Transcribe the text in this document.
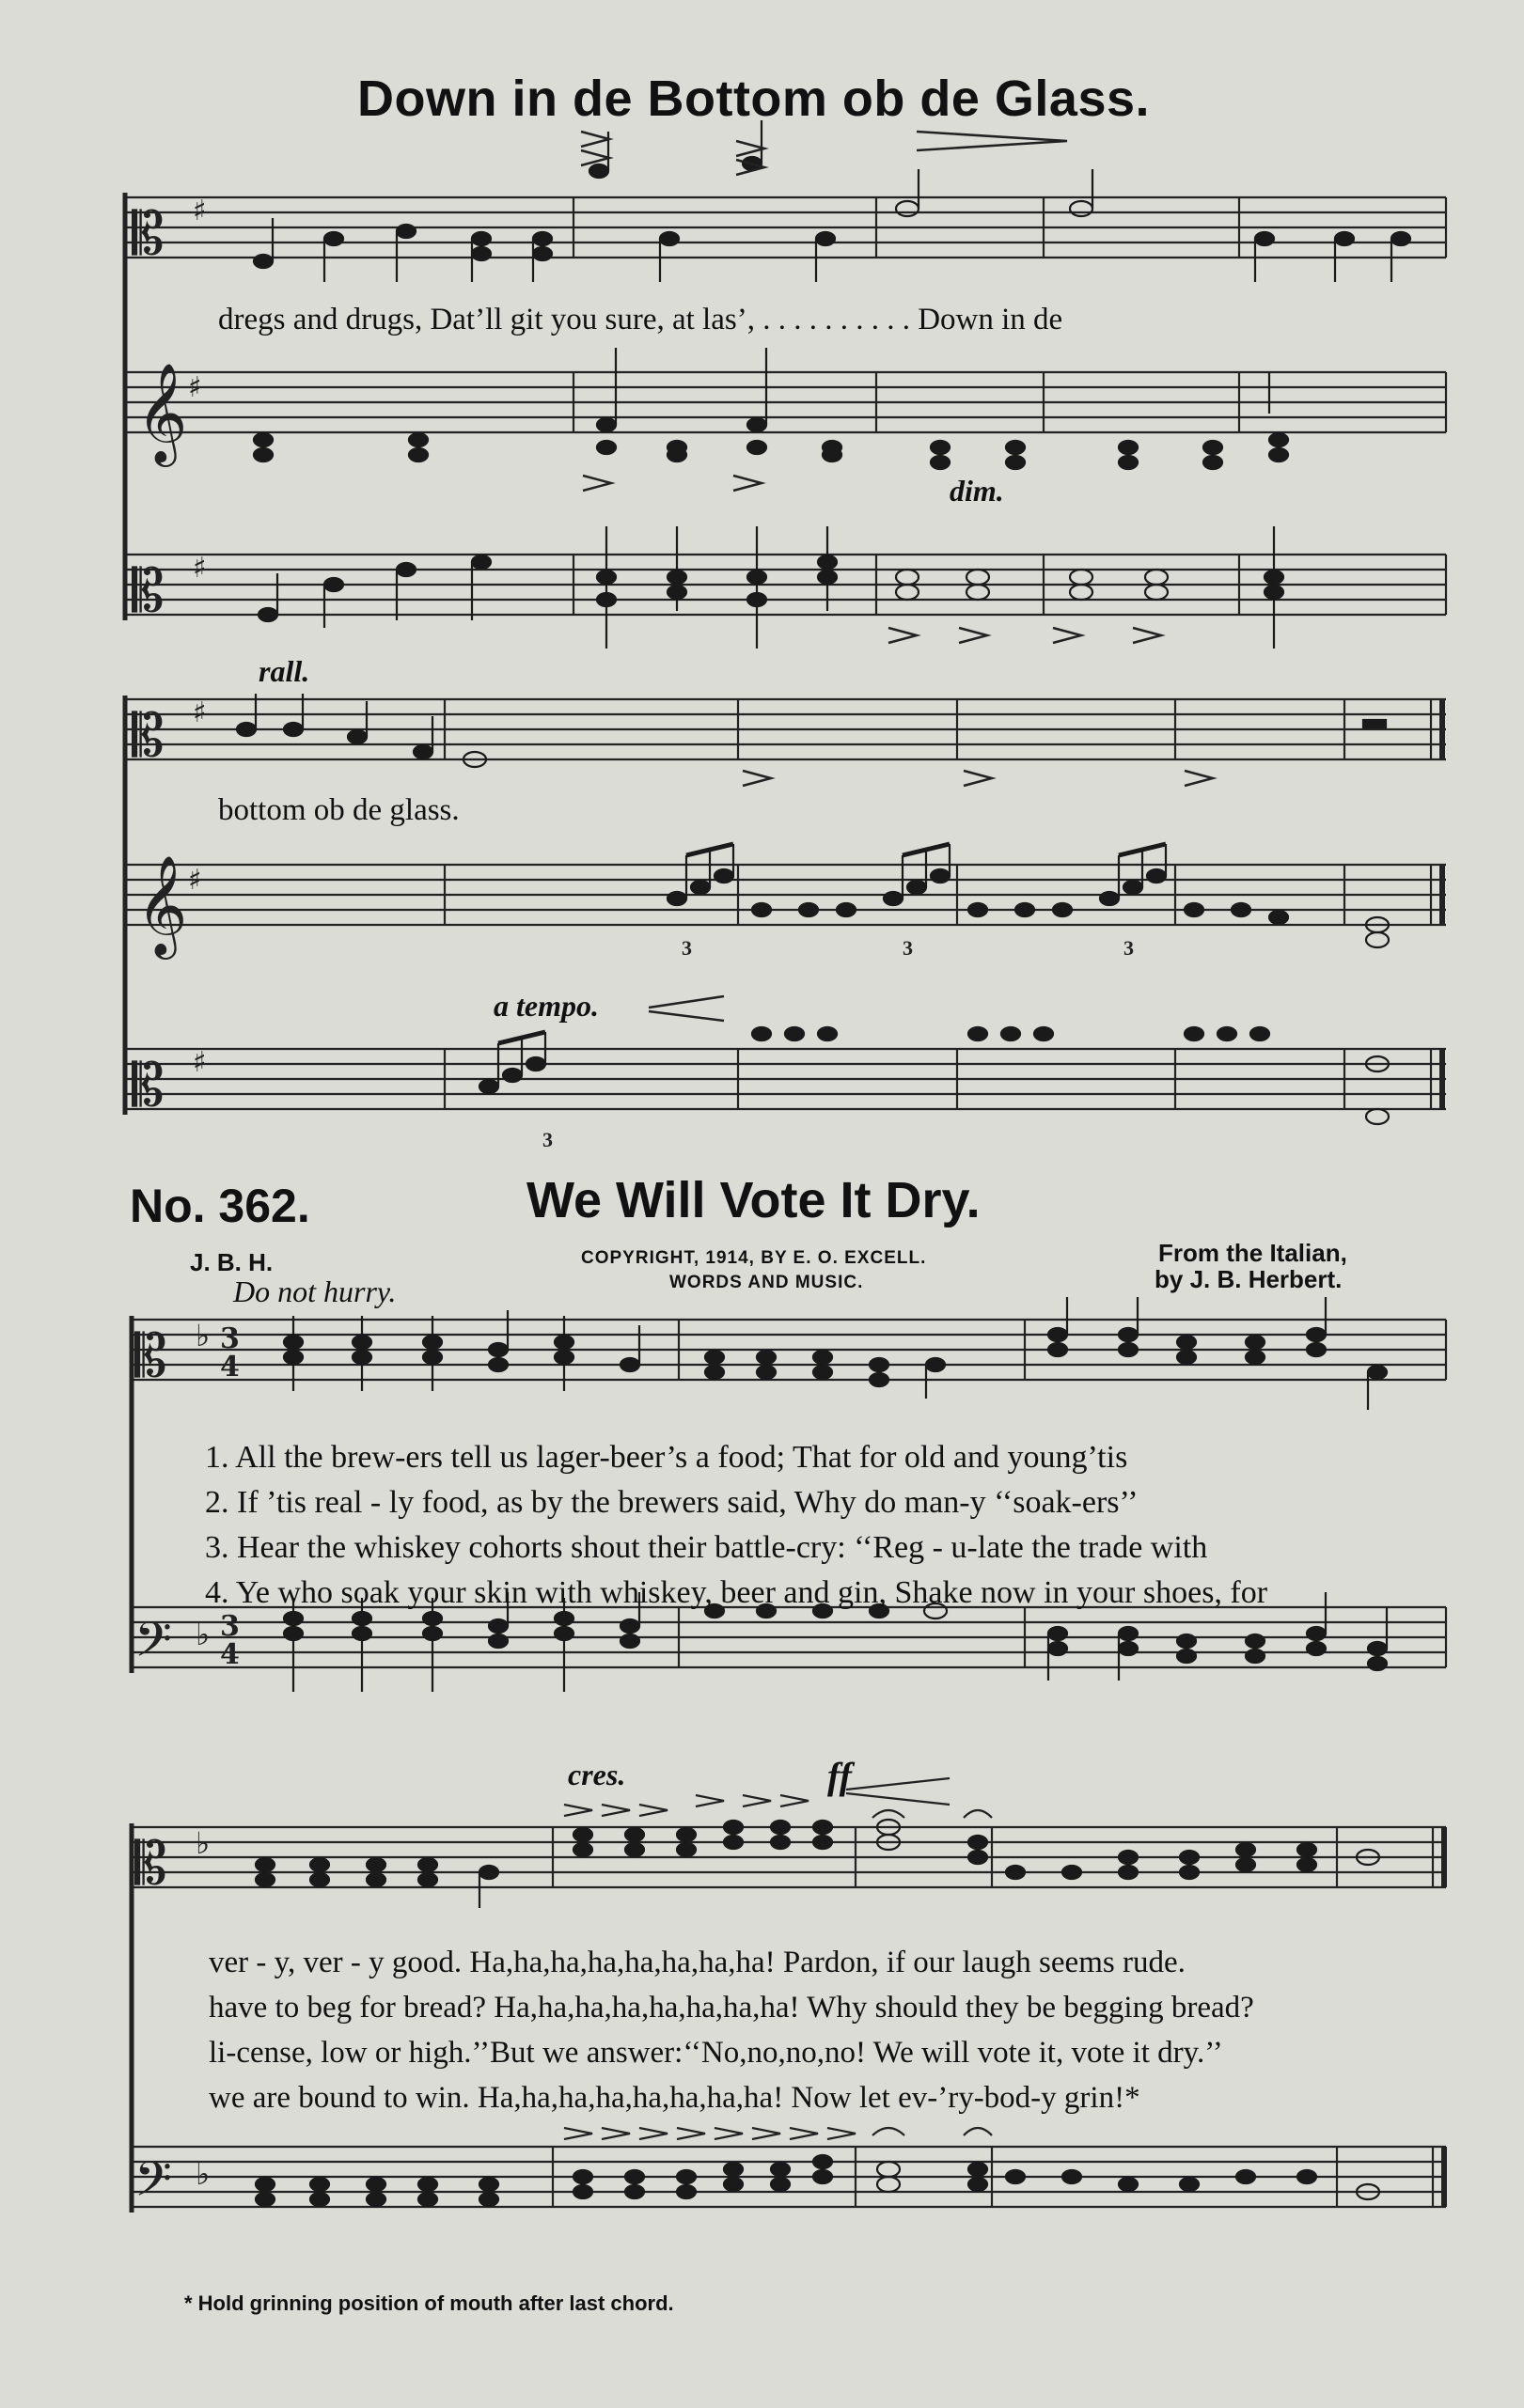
Down in de Bottom ob de Glass.
𝄡 ♯
𝄞 ♯
𝄡 ♯
dregs and drugs, Dat’ll git you sure, at las’, . . . . . . . . . . Down in de
dim.
rall.
𝄡 ♯
𝄞 ♯
𝄡 ♯
3	3	3
3
bottom ob de glass.
a tempo.
No. 362.	We Will Vote It Dry.
J. B. H.
Do not hurry.
COPYRIGHT, 1914, BY E. O. EXCELL.
WORDS AND MUSIC.
From the Italian,
by J. B. Herbert.
𝄡 ♭
𝄢 ♭
3
4
3
4
1. All the brew-ers tell us lager-beer’s a food; That for old and young’tis
2. If ’tis real - ly food, as by the brewers said, Why do man-y ‘‘soak-ers’’
3. Hear the whiskey cohorts shout their battle-cry: ‘‘Reg - u-late the trade with
4. Ye who soak your skin with whiskey, beer and gin, Shake now in your shoes, for
cres.	ff
𝄡 ♭
𝄢 ♭
ver - y, ver - y good. Ha,ha,ha,ha,ha,ha,ha,ha! Pardon, if our laugh seems rude.
have to beg for bread? Ha,ha,ha,ha,ha,ha,ha,ha! Why should they be begging bread?
li-cense, low or high.’’But we answer:‘‘No,no,no,no! We will vote it, vote it dry.’’
we are bound to win. Ha,ha,ha,ha,ha,ha,ha,ha! Now let ev-’ry-bod-y grin!*
* Hold grinning position of mouth after last chord.
